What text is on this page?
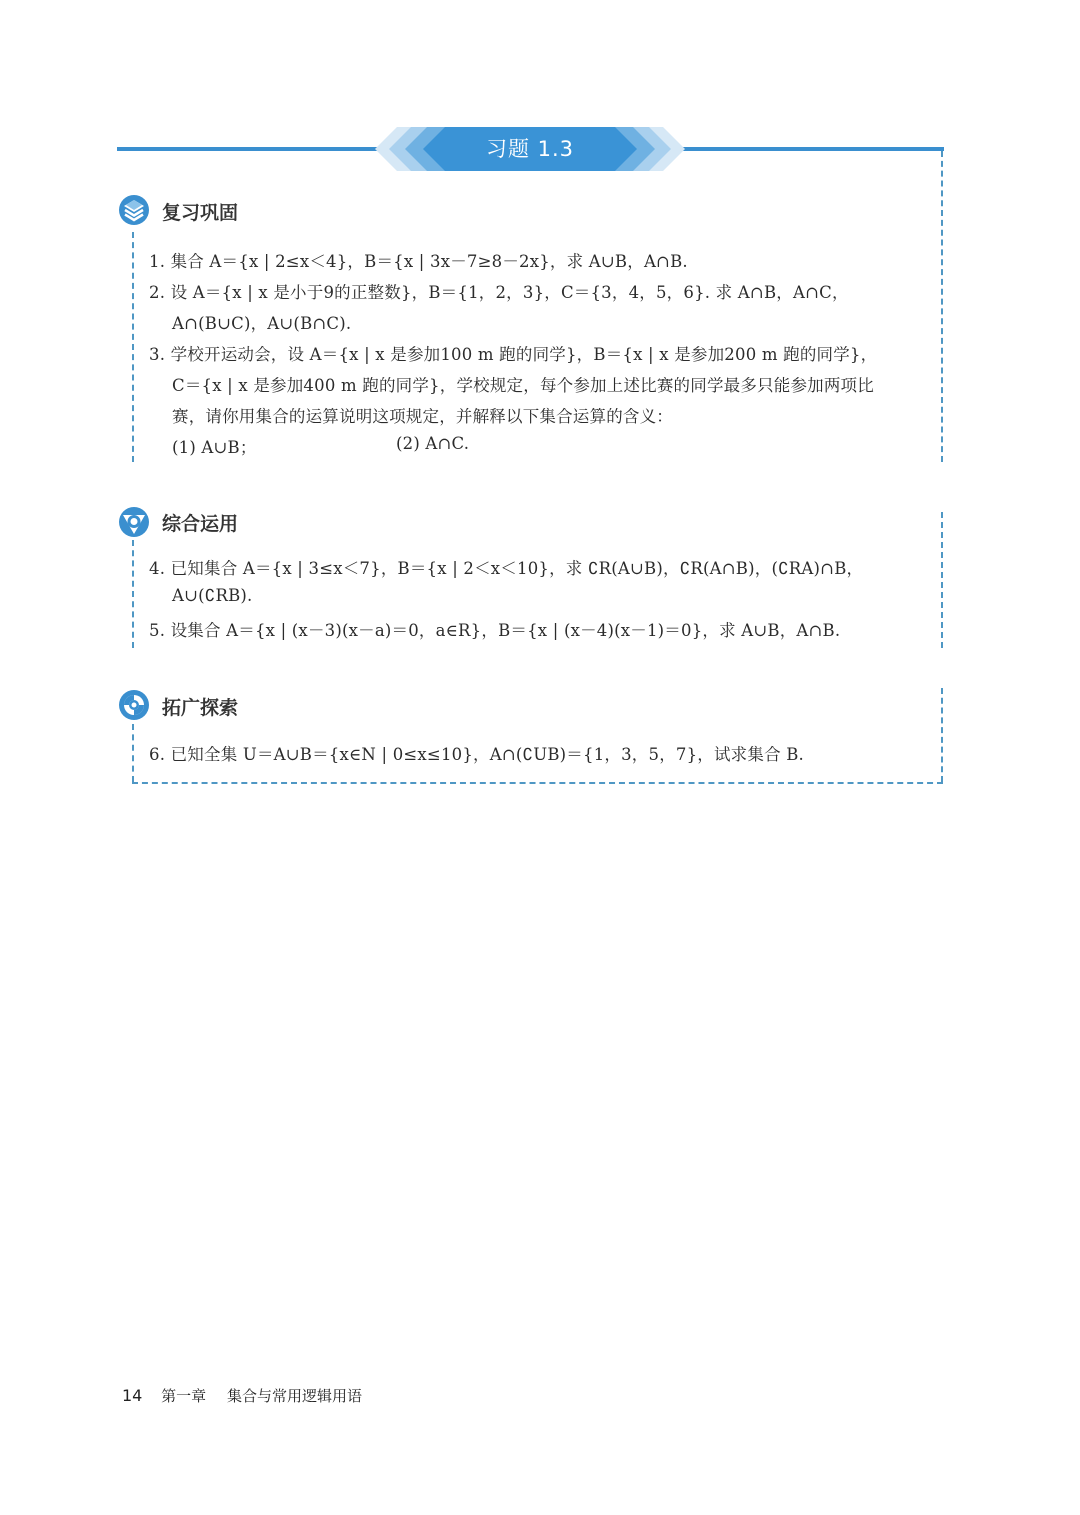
习题 1.3
复习巩固
1. 集合 A＝{x | 2≤x＜4}，B＝{x | 3x－7≥8－2x}，求 A∪B，A∩B.
2. 设 A＝{x | x 是小于9的正整数}，B＝{1，2，3}，C＝{3，4，5，6}. 求 A∩B，A∩C，
A∩(B∪C)，A∪(B∩C).
3. 学校开运动会，设 A＝{x | x 是参加100 m 跑的同学}，B＝{x | x 是参加200 m 跑的同学}，
C＝{x | x 是参加400 m 跑的同学}，学校规定，每个参加上述比赛的同学最多只能参加两项比
赛，请你用集合的运算说明这项规定，并解释以下集合运算的含义：
(1) A∪B；	(2) A∩C.
综合运用
4. 已知集合 A＝{x | 3≤x＜7}，B＝{x | 2＜x＜10}，求 ∁R(A∪B)，∁R(A∩B)，(∁RA)∩B，
A∪(∁RB).
5. 设集合 A＝{x | (x－3)(x－a)＝0，a∈R}，B＝{x | (x－4)(x－1)＝0}，求 A∪B，A∩B.
拓广探索
6. 已知全集 U＝A∪B＝{x∈N | 0≤x≤10}，A∩(∁UB)＝{1，3，5，7}，试求集合 B.
14 第一章 集合与常用逻辑用语
